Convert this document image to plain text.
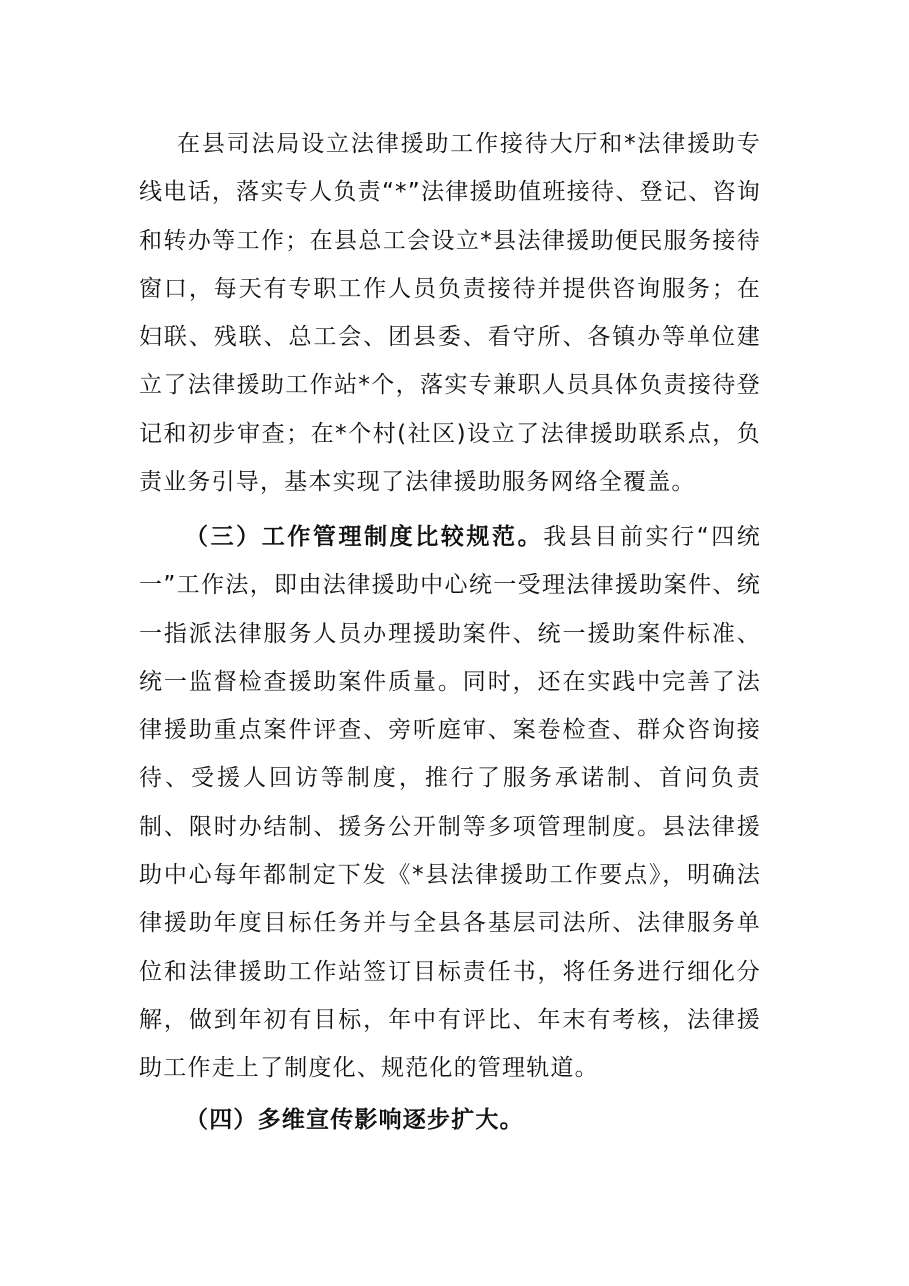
在县司法局设立法律援助工作接待大厅和*法律援助专线电话，落实专人负责“*”法律援助值班接待、登记、咨询和转办等工作；在县总工会设立*县法律援助便民服务接待窗口，每天有专职工作人员负责接待并提供咨询服务；在妇联、残联、总工会、团县委、看守所、各镇办等单位建立了法律援助工作站*个，落实专兼职人员具体负责接待登记和初步审查；在*个村(社区)设立了法律援助联系点，负责业务引导，基本实现了法律援助服务网络全覆盖。

（三）工作管理制度比较规范。我县目前实行“四统一”工作法，即由法律援助中心统一受理法律援助案件、统一指派法律服务人员办理援助案件、统一援助案件标准、统一监督检查援助案件质量。同时，还在实践中完善了法律援助重点案件评查、旁听庭审、案卷检查、群众咨询接待、受援人回访等制度，推行了服务承诺制、首问负责制、限时办结制、援务公开制等多项管理制度。县法律援助中心每年都制定下发《*县法律援助工作要点》，明确法律援助年度目标任务并与全县各基层司法所、法律服务单位和法律援助工作站签订目标责任书，将任务进行细化分解，做到年初有目标，年中有评比、年末有考核，法律援助工作走上了制度化、规范化的管理轨道。

（四）多维宣传影响逐步扩大。
